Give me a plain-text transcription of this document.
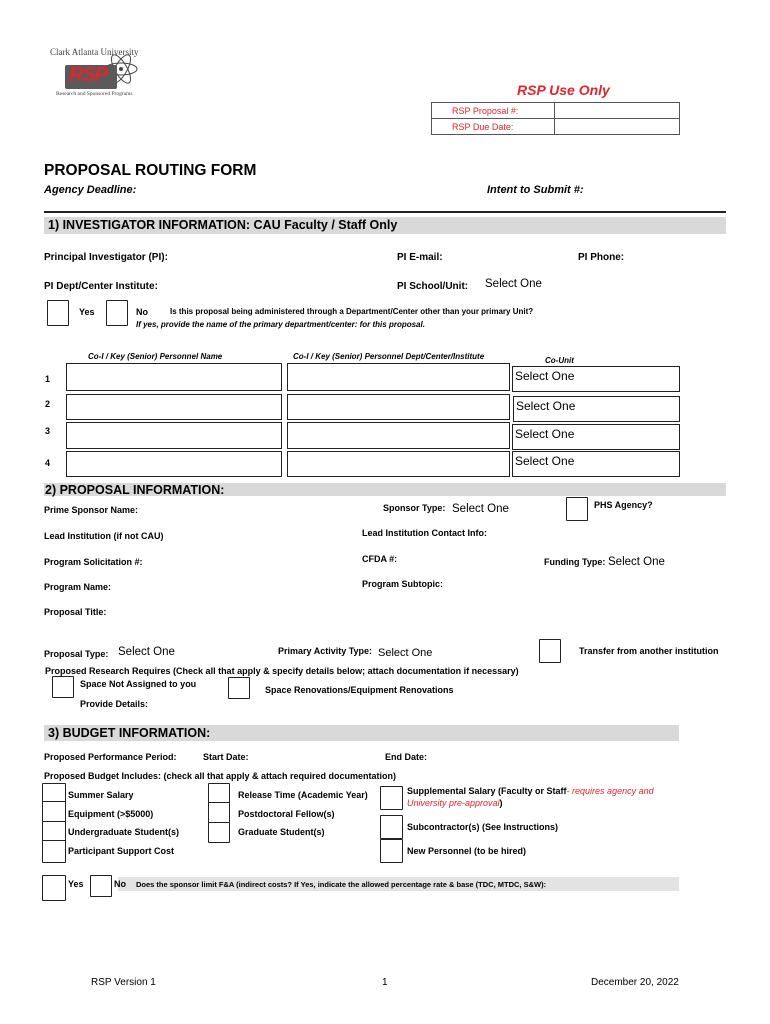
Clark Atlanta University
RSP
Research and Sponsored Programs	RSP Use Only
RSP Proposal #:	
RSP Due Date:	
PROPOSAL ROUTING FORM
Agency Deadline:	Intent to Submit #:
1) INVESTIGATOR INFORMATION: CAU Faculty / Staff Only
Principal Investigator (PI):	PI E-mail:	PI Phone:
PI Dept/Center Institute:	PI School/Unit: Select One
Yes	No	Is this proposal being administered through a Department/Center other than your primary Unit?
If yes, provide the name of the primary department/center: for this proposal.
Co-I / Key (Senior) Personnel Name	Co-I / Key (Senior) Personnel Dept/Center/Institute	Co-Unit
1	Select One
2	Select One
3	Select One
4	Select One
2) PROPOSAL INFORMATION:
Prime Sponsor Name:	Sponsor Type: Select One	PHS Agency?
Lead Institution (if not CAU)	Lead Institution Contact Info:
Program Solicitation #:	CFDA #:	Funding Type: Select One
Program Name:	Program Subtopic:
Proposal Title:
Proposal Type: Select One	Primary Activity Type: Select One	Transfer from another institution
Proposed Research Requires (Check all that apply & specify details below; attach documentation if necessary)
Space Not Assigned to you
Space Renovations/Equipment Renovations
Provide Details:
3) BUDGET INFORMATION:
Proposed Performance Period:	Start Date:	End Date:
Proposed Budget Includes: (check all that apply & attach required documentation)
Summer Salary
Equipment (>$5000)
Undergraduate Student(s)
Participant Support Cost
Release Time (Academic Year)
Postdoctoral Fellow(s)
Graduate Student(s)
Supplemental Salary (Faculty or Staff- requires agency and
University pre-approval)
Subcontractor(s) (See Instructions)
New Personnel (to be hired)
Yes	No Does the sponsor limit F&A (indirect costs? If Yes, indicate the allowed percentage rate & base (TDC, MTDC, S&W):
RSP Version 1	1	December 20, 2022
